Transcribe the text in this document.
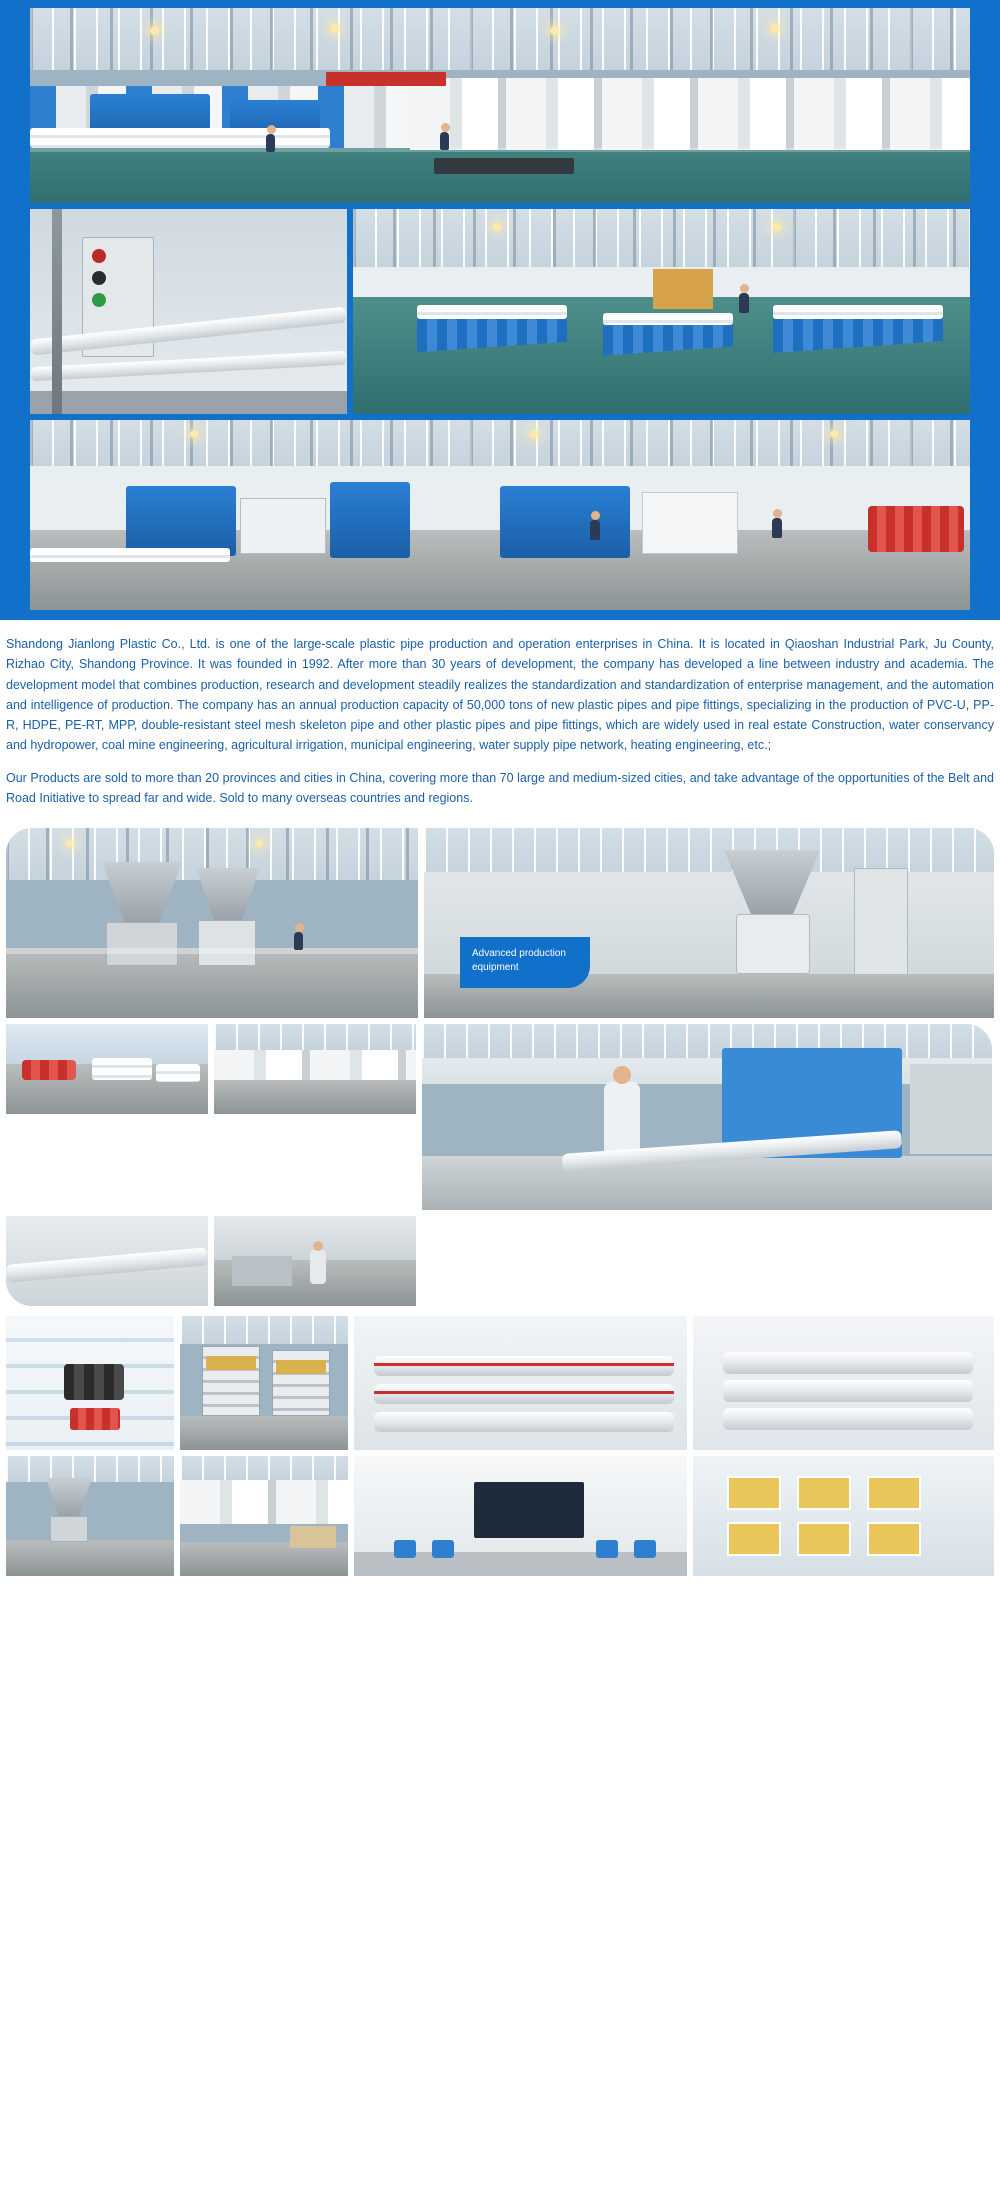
Shandong Jianlong Plastic Co., Ltd. is one of the large-scale plastic pipe production and operation enterprises in China. It is located in Qiaoshan Industrial Park, Ju County, Rizhao City, Shandong Province. It was founded in 1992. After more than 30 years of development, the company has developed a line between industry and academia. The development model that combines production, research and development steadily realizes the standardization and standardization of enterprise management, and the automation and intelligence of production. The company has an annual production capacity of 50,000 tons of new plastic pipes and pipe fittings, specializing in the production of PVC-U, PP-R, HDPE, PE-RT, MPP, double-resistant steel mesh skeleton pipe and other plastic pipes and pipe fittings, which are widely used in real estate Construction, water conservancy and hydropower, coal mine engineering, agricultural irrigation, municipal engineering, water supply pipe network, heating engineering, etc.;

Our Products are sold to more than 20 provinces and cities in China, covering more than 70 large and medium-sized cities, and take advantage of the opportunities of the Belt and Road Initiative to spread far and wide. Sold to many overseas countries and regions.

Advanced production equipment
